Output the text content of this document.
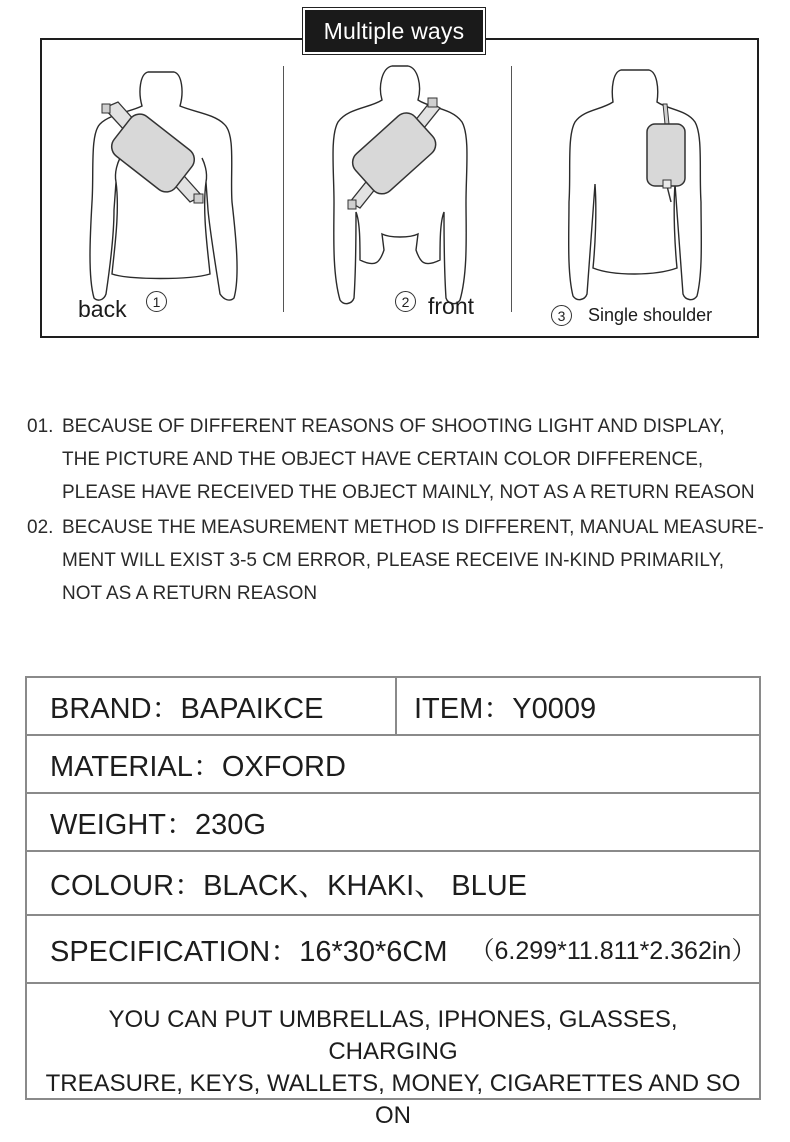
Multiple ways
back	1	2 front	3	Single shoulder
01. BECAUSE OF DIFFERENT REASONS OF SHOOTING LIGHT AND DISPLAY, THE PICTURE AND THE OBJECT HAVE CERTAIN COLOR DIFFERENCE, PLEASE HAVE RECEIVED THE OBJECT MAINLY, NOT AS A RETURN REASON
02. BECAUSE THE MEASUREMENT METHOD IS DIFFERENT, MANUAL MEASURE-MENT WILL EXIST 3-5 CM ERROR, PLEASE RECEIVE IN-KIND PRIMARILY, NOT AS A RETURN REASON
BRAND：BAPAIKCE	ITEM：Y0009
MATERIAL：OXFORD
WEIGHT：230G
COLOUR：BLACK、KHAKI、 BLUE
SPECIFICATION：16*30*6CM （6.299*11.811*2.362in）
YOU CAN PUT UMBRELLAS, IPHONES, GLASSES, CHARGING
TREASURE, KEYS, WALLETS, MONEY, CIGARETTES AND SO ON
